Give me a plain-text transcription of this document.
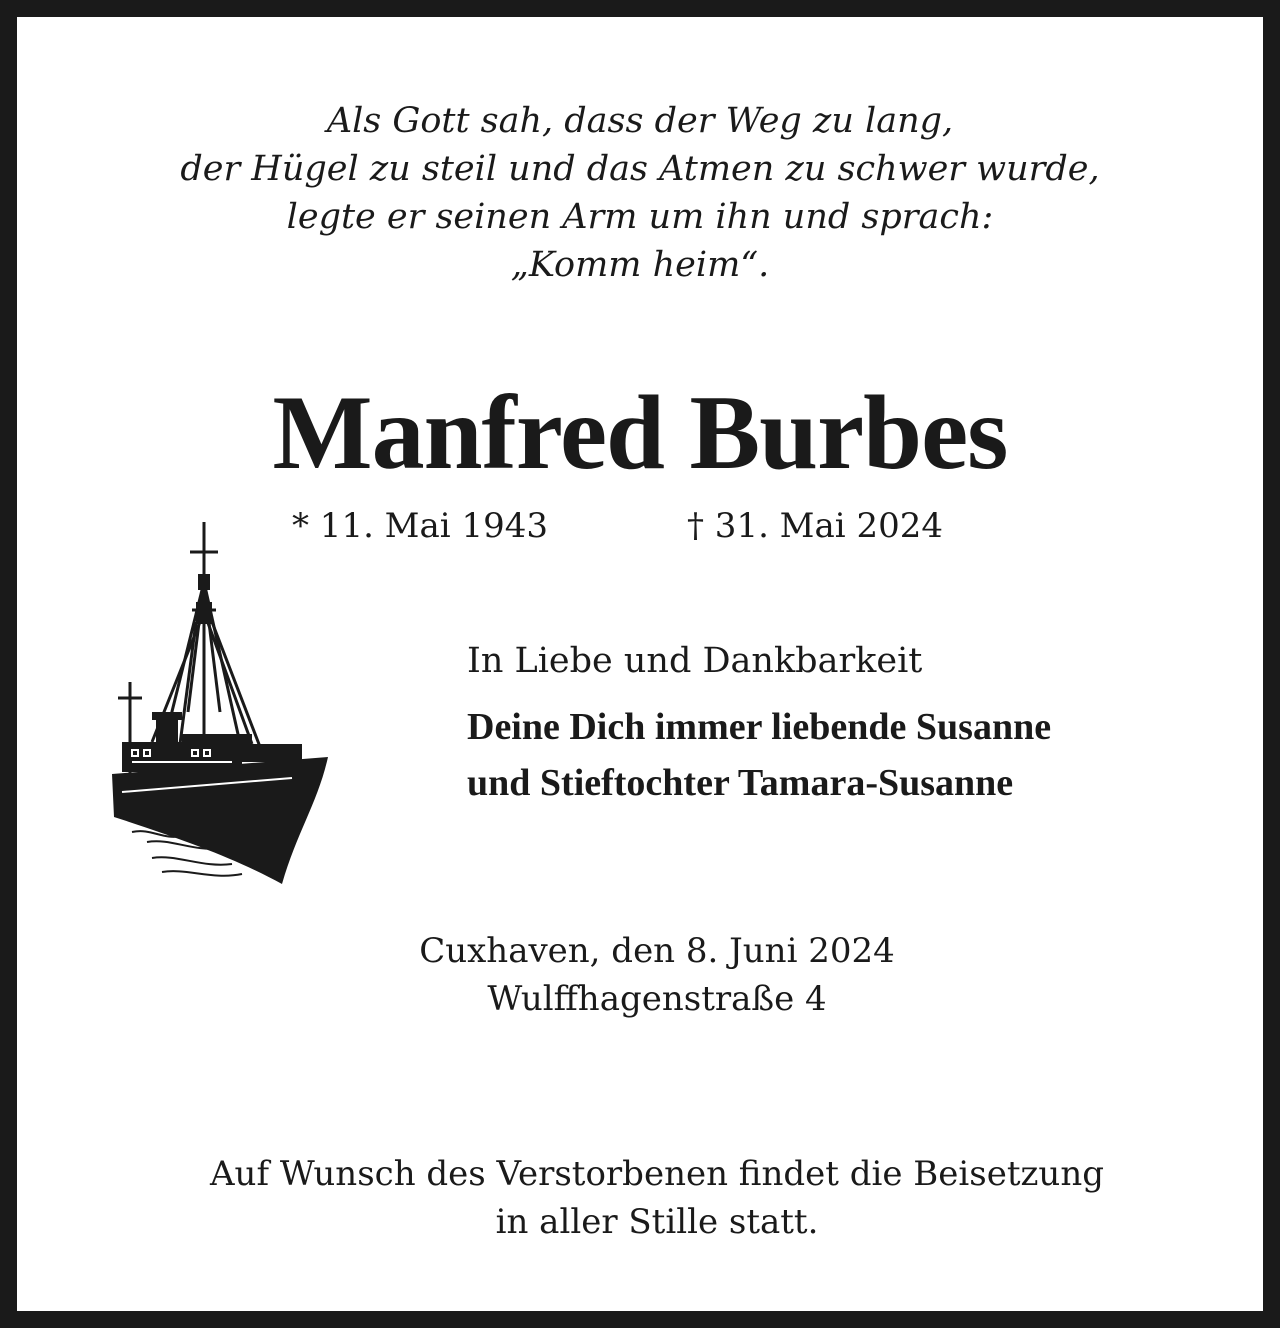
Als Gott sah, dass der Weg zu lang,
der Hügel zu steil und das Atmen zu schwer wurde,
legte er seinen Arm um ihn und sprach:
„Komm heim“.
Manfred Burbes
* 11. Mai 1943	† 31. Mai 2024
In Liebe und Dankbarkeit
Deine Dich immer liebende Susanne
und Stieftochter Tamara-Susanne
Cuxhaven, den 8. Juni 2024
Wulffhagenstraße 4
Auf Wunsch des Verstorbenen findet die Beisetzung
in aller Stille statt.
